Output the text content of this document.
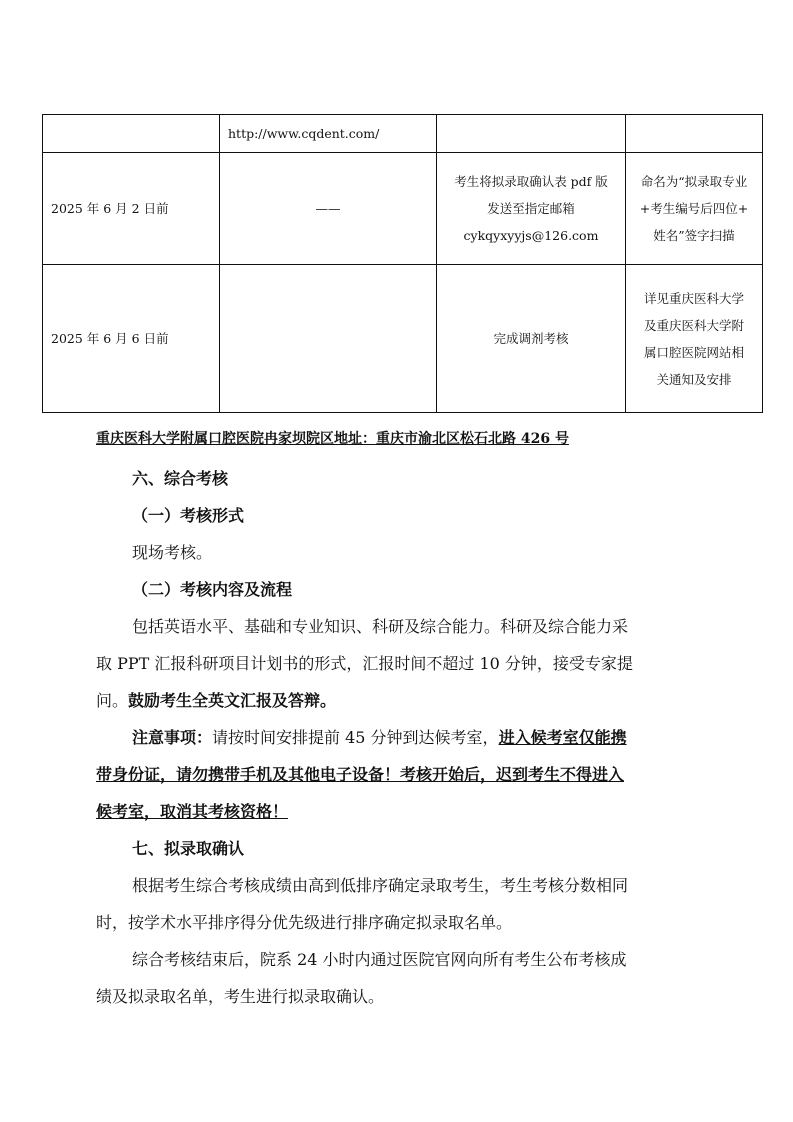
	http://www.cqdent.com/		
2025 年 6 月 2 日前	——	考生将拟录取确认表 pdf 版
发送至指定邮箱
cykqyxyyjs@126.com	命名为“拟录取专业
+考生编号后四位+
姓名”签字扫描

2025 年 6 月 6 日前		完成调剂考核	详见重庆医科大学
及重庆医科大学附
属口腔医院网站相
关通知及安排
重庆医科大学附属口腔医院冉家坝院区地址：重庆市渝北区松石北路 426 号
六、综合考核
（一）考核形式
现场考核。
（二）考核内容及流程
包括英语水平、基础和专业知识、科研及综合能力。科研及综合能力采
取 PPT 汇报科研项目计划书的形式，汇报时间不超过 10 分钟，接受专家提
问。鼓励考生全英文汇报及答辩。
注意事项：请按时间安排提前 45 分钟到达候考室，进入候考室仅能携
带身份证，请勿携带手机及其他电子设备！考核开始后，迟到考生不得进入
候考室，取消其考核资格！
七、拟录取确认
根据考生综合考核成绩由高到低排序确定录取考生，考生考核分数相同
时，按学术水平排序得分优先级进行排序确定拟录取名单。
综合考核结束后，院系 24 小时内通过医院官网向所有考生公布考核成
绩及拟录取名单，考生进行拟录取确认。
